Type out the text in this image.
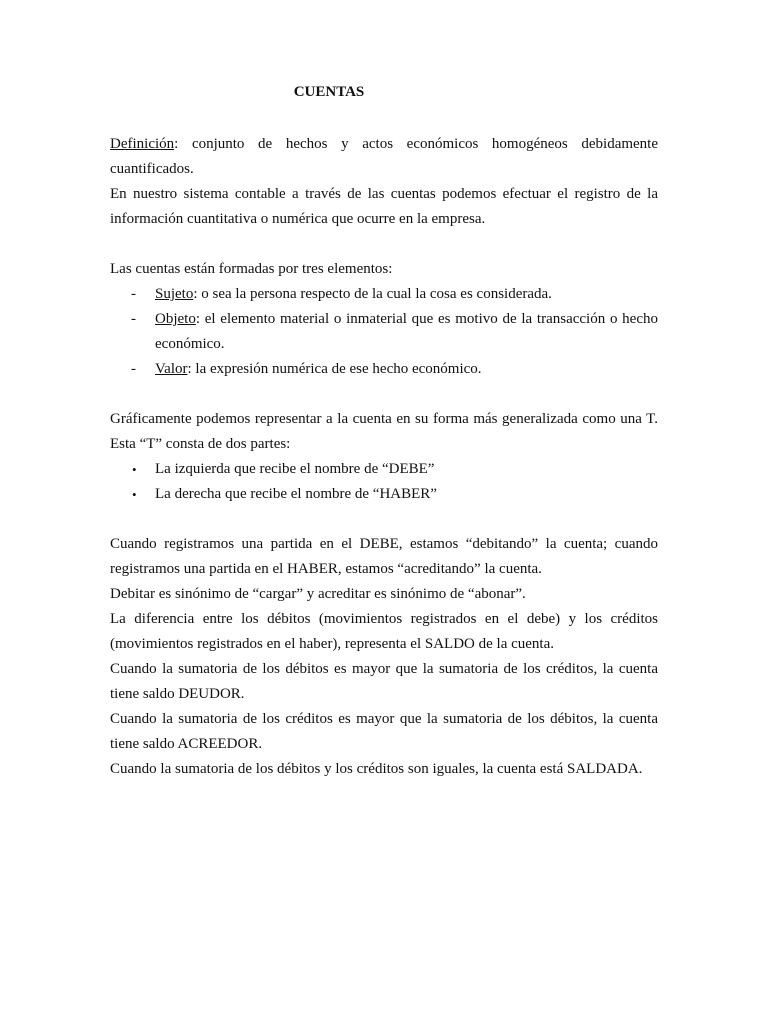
CUENTAS

Definición: conjunto de hechos y actos económicos homogéneos debidamente cuantificados.

En nuestro sistema contable a través de las cuentas podemos efectuar el registro de la información cuantitativa o numérica que ocurre en la empresa.

Las cuentas están formadas por tres elementos:

- Sujeto: o sea la persona respecto de la cual la cosa es considerada.
- Objeto: el elemento material o inmaterial que es motivo de la transacción o hecho económico.
- Valor: la expresión numérica de ese hecho económico.

Gráficamente podemos representar a la cuenta en su forma más generalizada como una T. Esta “T” consta de dos partes:

• La izquierda que recibe el nombre de “DEBE”
• La derecha que recibe el nombre de “HABER”

Cuando registramos una partida en el DEBE, estamos “debitando” la cuenta; cuando registramos una partida en el HABER, estamos “acreditando” la cuenta.

Debitar es sinónimo de “cargar” y acreditar es sinónimo de “abonar”.

La diferencia entre los débitos (movimientos registrados en el debe) y los créditos (movimientos registrados en el haber), representa el SALDO de la cuenta.

Cuando la sumatoria de los débitos es mayor que la sumatoria de los créditos, la cuenta tiene saldo DEUDOR.

Cuando la sumatoria de los créditos es mayor que la sumatoria de los débitos, la cuenta tiene saldo ACREEDOR.

Cuando la sumatoria de los débitos y los créditos son iguales, la cuenta está SALDADA.
